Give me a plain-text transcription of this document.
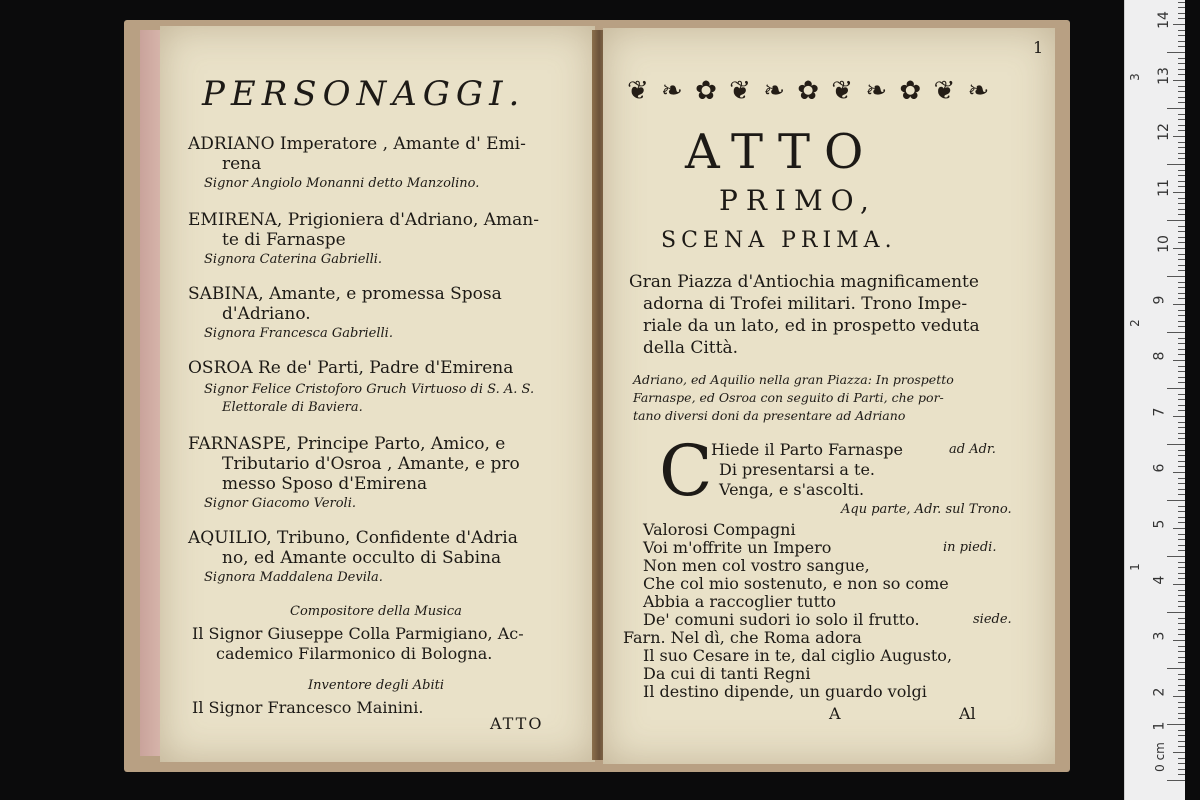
PERSONAGGI.
ADRIANO Imperatore , Amante d' Emi-
rena
Signor Angiolo Monanni detto Manzolino.
EMIRENA, Prigioniera d'Adriano, Aman-
te di Farnaspe
Signora Caterina Gabrielli.
SABINA, Amante, e promessa Sposa
d'Adriano.
Signora Francesca Gabrielli.
OSROA Re de' Parti, Padre d'Emirena
Signor Felice Cristoforo Gruch Virtuoso di S. A. S.
Elettorale di Baviera.
FARNASPE, Principe Parto, Amico, e
Tributario d'Osroa , Amante, e pro
messo Sposo d'Emirena
Signor Giacomo Veroli.
AQUILIO, Tribuno, Confidente d'Adria
no, ed Amante occulto di Sabina
Signora Maddalena Devila.
Compositore della Musica
Il Signor Giuseppe Colla Parmigiano, Ac-
cademico Filarmonico di Bologna.
Inventore degli Abiti
Il Signor Francesco Mainini.
ATTO
1
❦ ❧ ✿ ❦ ❧ ✿ ❦ ❧ ✿ ❦ ❧
ATTO
PRIMO,
SCENA PRIMA.
Gran Piazza d'Antiochia magnificamente
adorna di Trofei militari. Trono Impe-
riale da un lato, ed in prospetto veduta
della Città.
Adriano, ed Aquilio nella gran Piazza: In prospetto
Farnaspe, ed Osroa con seguito di Parti, che por-
tano diversi doni da presentare ad Adriano
C
Hiede il Parto Farnaspe	ad Adr.
Di presentarsi a te.
Venga, e s'ascolti.
Aqu parte, Adr. sul Trono.
Valorosi Compagni
Voi m'offrite un Impero	in piedi.
Non men col vostro sangue,
Che col mio sostenuto, e non so come
Abbia a raccoglier tutto
De' comuni sudori io solo il frutto.	siede.
Farn. Nel dì, che Roma adora
Il suo Cesare in te, dal ciglio Augusto,
Da cui di tanti Regni
Il destino dipende, un guardo volgi
A	Al
14
13
12
11
10
9
8
7
6
5
4
3
2
1
3
2
1
0 cm
